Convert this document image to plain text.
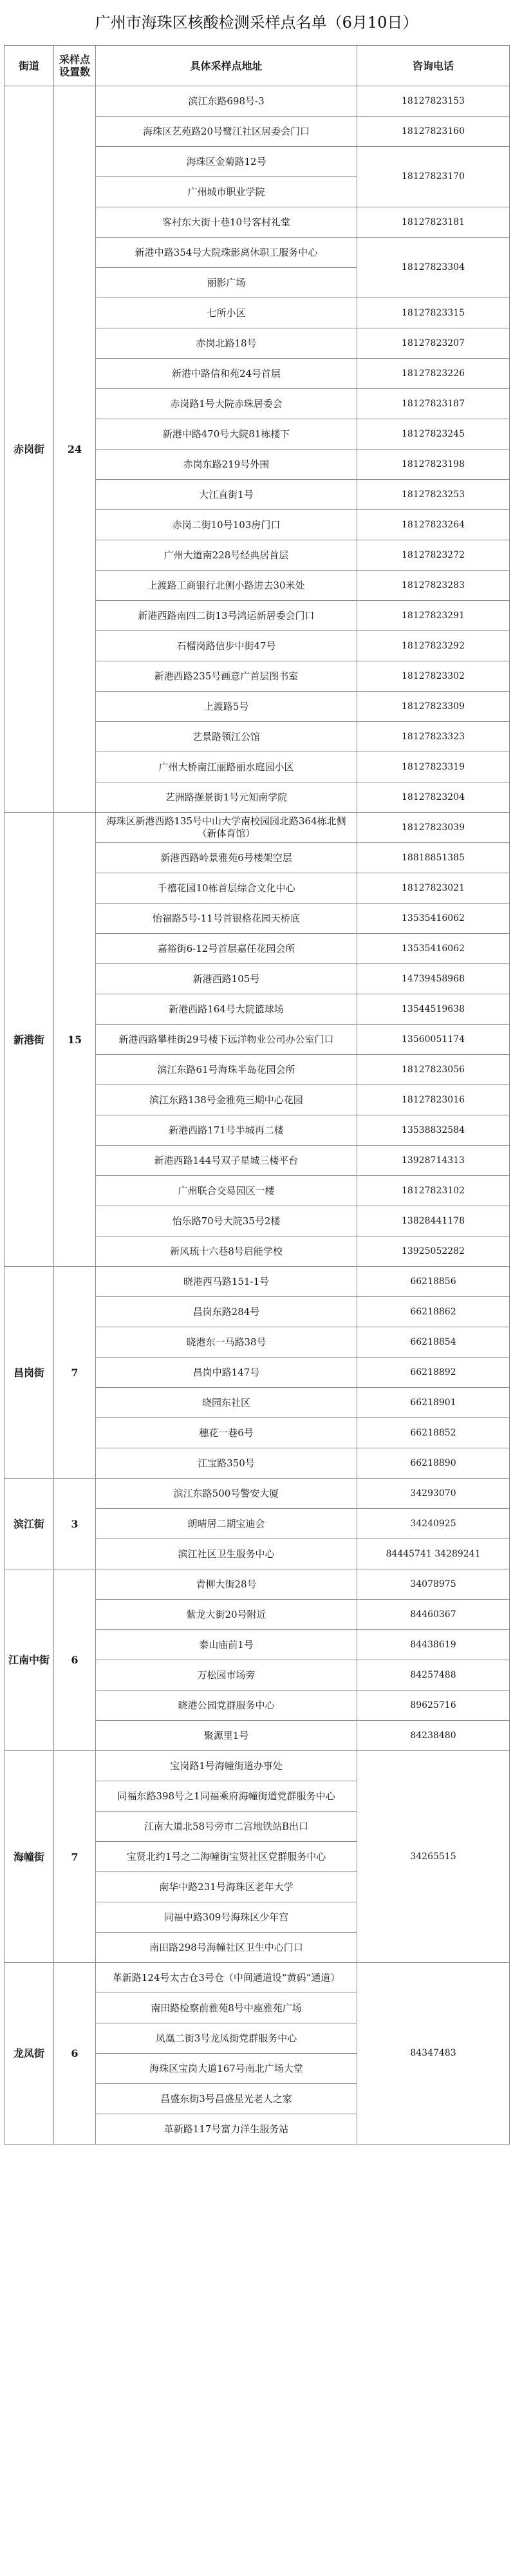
广州市海珠区核酸检测采样点名单（6月10日）
街道	采样点设置数	具体采样点地址	咨询电话
赤岗街	24	滨江东路698号-3	18127823153
		海珠区艺苑路20号鹭江社区居委会门口	18127823160
		海珠区金菊路12号	18127823170
		广州城市职业学院	
		客村东大街十巷10号客村礼堂	18127823181
		新港中路354号大院珠影离休职工服务中心	18127823304
		丽影广场	
		七所小区	18127823315
		赤岗北路18号	18127823207
		新港中路信和苑24号首层	18127823226
		赤岗路1号大院赤珠居委会	18127823187
		新港中路470号大院81栋楼下	18127823245
		赤岗东路219号外围	18127823198
		大江直街1号	18127823253
		赤岗二街10号103房门口	18127823264
		广州大道南228号经典居首层	18127823272
		上渡路工商银行北侧小路进去30米处	18127823283
		新港西路南四二街13号鸿运新居委会门口	18127823291
		石榴岗路信步中街47号	18127823292
		新港西路235号画意广首层图书室	18127823302
		上渡路5号	18127823309
		艺景路领江公馆	18127823323
		广州大桥南江丽路丽水庭园小区	18127823319
		艺洲路撷景街1号元知南学院	18127823204
新港街	15	海珠区新港西路135号中山大学南校园园北路364栋北侧（新体育馆）	18127823039
		新港西路岭景雅苑6号楼架空层	18818851385
		千禧花园10栋首层综合文化中心	18127823021
		怡福路5号-11号首银格花园天桥底	13535416062
		嘉裕街6-12号首层嘉任花园会所	13535416062
		新港西路105号	14739458968
		新港西路164号大院篮球场	13544519638
		新港西路攀桂街29号楼下远洋物业公司办公室门口	13560051174
		滨江东路61号海珠半岛花园会所	18127823056
		滨江东路138号金雅苑三期中心花园	18127823016
		新港西路171号半城再二楼	13538832584
		新港西路144号双子星城三楼平台	13928714313
		广州联合交易园区一楼	18127823102
		怡乐路70号大院35号2楼	13828441178
		新风琉十六巷8号启能学校	13925052282
昌岗街	7	晓港西马路151-1号	66218856
		昌岗东路284号	66218862
		晓港东一马路38号	66218854
		昌岗中路147号	66218892
		晓园东社区	66218901
		穗花一巷6号	66218852
		江宝路350号	66218890
滨江街	3	滨江东路500号警安大厦	34293070
		朗晴居二期宝迪会	34240925
		滨江社区卫生服务中心	84445741 34289241
江南中街	6	青柳大街28号	34078975
		紫龙大街20号附近	84460367
		泰山庙前1号	84438619
		万松园市场旁	84257488
		晓港公园党群服务中心	89625716
		聚源里1号	84238480
海幢街	7	宝岗路1号海幢街道办事处	34265515
		同福东路398号之1同福乘府海幢街道党群服务中心	
		江南大道北58号旁市二宫地铁站B出口	
		宝贤北约1号之二海幢街宝贤社区党群服务中心	
		南华中路231号海珠区老年大学	
		同福中路309号海珠区少年宫	
		南田路298号海幢社区卫生中心门口	
龙凤街	6	革新路124号太古仓3号仓（中间通道设“黄码”通道）	84347483
		南田路检察前雅苑8号中座雅苑广场	
		凤凰二街3号龙凤街党群服务中心	
		海珠区宝岗大道167号南北广场大堂	
		昌盛东街3号昌盛星光老人之家	
		革新路117号富力洋生服务站	
